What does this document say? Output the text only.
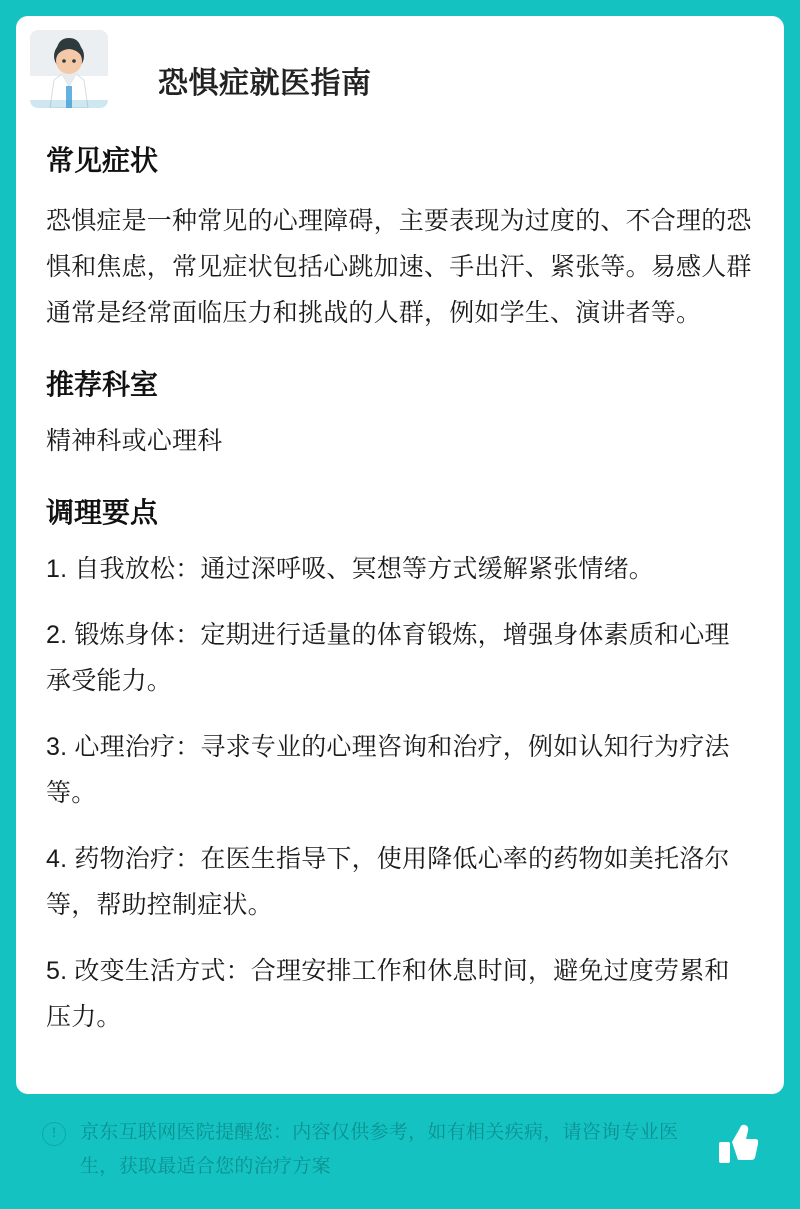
恐惧症就医指南
常见症状

恐惧症是一种常见的心理障碍，主要表现为过度的、不合理的恐惧和焦虑，常见症状包括心跳加速、手出汗、紧张等。易感人群通常是经常面临压力和挑战的人群，例如学生、演讲者等。

推荐科室

精神科或心理科

调理要点

1. 自我放松：通过深呼吸、冥想等方式缓解紧张情绪。

2. 锻炼身体：定期进行适量的体育锻炼，增强身体素质和心理承受能力。

3. 心理治疗：寻求专业的心理咨询和治疗，例如认知行为疗法等。

4. 药物治疗：在医生指导下，使用降低心率的药物如美托洛尔等，帮助控制症状。

5. 改变生活方式：合理安排工作和休息时间，避免过度劳累和压力。

!	京东互联网医院提醒您：内容仅供参考，如有相关疾病，请咨询专业医生，获取最适合您的治疗方案
